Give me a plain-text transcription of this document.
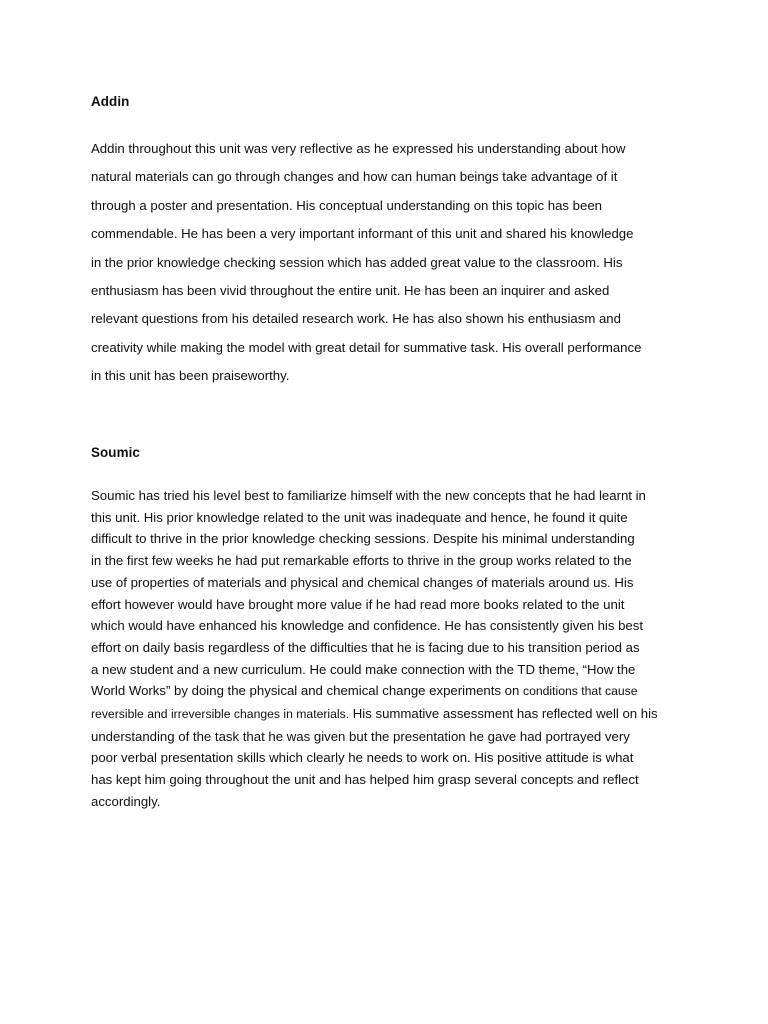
Addin

Addin throughout this unit was very reflective as he expressed his understanding about how
natural materials can go through changes and how can human beings take advantage of it
through a poster and presentation. His conceptual understanding on this topic has been
commendable. He has been a very important informant of this unit and shared his knowledge
in the prior knowledge checking session which has added great value to the classroom. His
enthusiasm has been vivid throughout the entire unit. He has been an inquirer and asked
relevant questions from his detailed research work. He has also shown his enthusiasm and
creativity while making the model with great detail for summative task. His overall performance
in this unit has been praiseworthy.

Soumic

Soumic has tried his level best to familiarize himself with the new concepts that he had learnt in
this unit. His prior knowledge related to the unit was inadequate and hence, he found it quite
difficult to thrive in the prior knowledge checking sessions. Despite his minimal understanding
in the first few weeks he had put remarkable efforts to thrive in the group works related to the
use of properties of materials and physical and chemical changes of materials around us. His
effort however would have brought more value if he had read more books related to the unit
which would have enhanced his knowledge and confidence. He has consistently given his best
effort on daily basis regardless of the difficulties that he is facing due to his transition period as
a new student and a new curriculum. He could make connection with the TD theme, “How the
World Works” by doing the physical and chemical change experiments on conditions that cause
reversible and irreversible changes in materials. His summative assessment has reflected well on his
understanding of the task that he was given but the presentation he gave had portrayed very
poor verbal presentation skills which clearly he needs to work on. His positive attitude is what
has kept him going throughout the unit and has helped him grasp several concepts and reflect
accordingly.
